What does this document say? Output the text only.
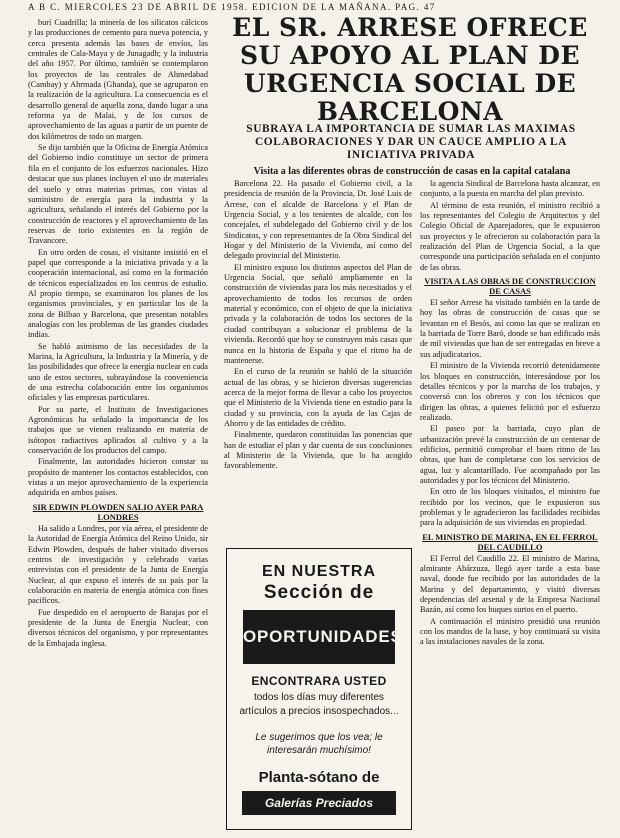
A B C. MIERCOLES 23 DE ABRIL DE 1958. EDICION DE LA MAÑANA. PAG. 47

burí Cuadrilla; la minería de los silicatos cálcicos y las producciones de cemento para nueva potencia, y cerca presenta además las bases de envíos, las centrales de Cala-Maya y de Junagadh; y la industria del año 1957. Por último, también se contemplaron los proyectos de las centrales de Ahmedabad (Cambay) y Ahrmada (Ghanda), que se agruparon en la realización de la agricultura. La consecuencia es el desarrollo general de aquella zona, dando lugar a una reforma ya de Malai, y de los cursos de aprovechamiento de las aguas a partir de un puente de dos kilómetros de todo un margen.

Se dijo también que la Oficina de Energía Atómica del Gobierno indio constituye un sector de primera fila en el conjunto de los esfuerzos nacionales. Hizo destacar que sus planes incluyen el uso de materiales del suelo y otras materias primas, con vistas al suministro de energía para la industria y la agricultura, señalando el interés del Gobierno por la construcción de reactores y el aprovechamiento de las reservas de torio existentes en la región de Travancore.

En otro orden de cosas, el visitante insistió en el papel que corresponde a la iniciativa privada y a la cooperación internacional, así como en la formación de técnicos especializados en los centros de estudio. Al propio tiempo, se examinaron los planes de los organismos provinciales, y en particular los de la zona de Bilbao y Barcelona, que presentan notables analogías con los problemas de las grandes ciudades indias.

Se habló asimismo de las necesidades de la Marina, la Agricultura, la Industria y la Minería, y de las posibilidades que ofrece la energía nuclear en cada uno de estos sectores, subrayándose la conveniencia de una estrecha colaboración entre los organismos oficiales y las empresas particulares.

Por su parte, el Instituto de Investigaciones Agronómicas ha señalado la importancia de los trabajos que se vienen realizando en materia de isótopos radiactivos aplicados al cultivo y a la conservación de los productos del campo.

Finalmente, las autoridades hicieron constar su propósito de mantener los contactos establecidos, con vistas a un mejor aprovechamiento de la experiencia adquirida en ambos países.

SIR EDWIN PLOWDEN SALIO AYER PARA LONDRES

Ha salido a Londres, por vía aérea, el presidente de la Autoridad de Energía Atómica del Reino Unido, sir Edwin Plowden, después de haber visitado diversos centros de investigación y celebrado varias entrevistas con el presidente de la Junta de Energía Nuclear, al que expuso el interés de su país por la colaboración en materia de energía atómica con fines pacíficos.

Fue despedido en el aeropuerto de Barajas por el presidente de la Junta de Energía Nuclear, con diversos técnicos del organismo, y por representantes de la Embajada inglesa.

EL SR. ARRESE OFRECE SU APOYO AL PLAN DE URGENCIA SOCIAL DE BARCELONA
SUBRAYA LA IMPORTANCIA DE SUMAR LAS MAXIMAS COLABORACIONES Y DAR UN CAUCE AMPLIO A LA INICIATIVA PRIVADA
Visita a las diferentes obras de construcción de casas en la capital catalana

Barcelona 22. Ha pasado el Gobierno civil, a la presidencia de reunión de la Provincia, Dr. José Luis de Arrese, con el alcalde de Barcelona y el Plan de Urgencia Social, y a los tenientes de alcalde, con los concejales, el subdelegado del Gobierno civil y de los Sindicatos, y con representantes de la Obra Sindical del Hogar y del Ministerio de la Vivienda, así como del delegado provincial del Ministerio.

El ministro expuso los distintos aspectos del Plan de Urgencia Social, que señaló ampliamente en la construcción de viviendas para los más necesitados y el aprovechamiento de todos los recursos de orden material y económico, con el objeto de que la iniciativa privada y la colaboración de todos los sectores de la ciudad contribuyan a solucionar el problema de la vivienda. Recordó que hoy se construyen más casas que nunca en la historia de España y que el ritmo ha de mantenerse.

En el curso de la reunión se habló de la situación actual de las obras, y se hicieron diversas sugerencias acerca de la mejor forma de llevar a cabo los proyectos que el Ministerio de la Vivienda tiene en estudio para la ciudad y su provincia, con la ayuda de las Cajas de Ahorro y de las entidades de crédito.

Finalmente, quedaron constituidas las ponencias que han de estudiar el plan y dar cuenta de sus conclusiones al Ministerio de la Vivienda, que lo ha acogido favorablemente.

EN NUESTRA
Sección de
OPORTUNIDADES
ENCONTRARA USTED
todos los días muy diferentes artículos a precios insospechados...
Le sugerimos que los vea; le interesarán muchísimo!
Planta-sótano de
Galerías Preciados

la agencia Sindical de Barcelona hasta alcanzar, en conjunto, a la puesta en marcha del plan previsto.

Al término de esta reunión, el ministro recibió a los representantes del Colegio de Arquitectos y del Colegio Oficial de Aparejadores, que le expusieron sus proyectos y le ofrecieron su colaboración para la realización del Plan de Urgencia Social, a la que corresponde una participación señalada en el conjunto de las obras.

VISITA A LAS OBRAS DE CONSTRUCCION DE CASAS

El señor Arrese ha visitado también en la tarde de hoy las obras de construcción de casas que se levantan en el Besós, así como las que se realizan en la barriada de Torre Baró, donde se han edificado más de mil viviendas que han de ser entregadas en breve a sus adjudicatarios.

El ministro de la Vivienda recorrió detenidamente los bloques en construcción, interesándose por los detalles técnicos y por la marcha de los trabajos, y conversó con los obreros y con los técnicos que dirigen las obras, a quienes felicitó por el esfuerzo realizado.

El paseo por la barriada, cuyo plan de urbanización prevé la construcción de un centenar de edificios, permitió comprobar el buen ritmo de las obras, que han de completarse con los servicios de agua, luz y alcantarillado. Fue acompañado por las autoridades y por los técnicos del Ministerio.

En otro de los bloques visitados, el ministro fue recibido por los vecinos, que le expusieron sus problemas y le agradecieron las facilidades recibidas para la adquisición de sus viviendas en propiedad.

EL MINISTRO DE MARINA, EN EL FERROL DEL CAUDILLO

El Ferrol del Caudillo 22. El ministro de Marina, almirante Abárzuza, llegó ayer tarde a esta base naval, donde fue recibido por las autoridades de la Marina y del departamento, y visitó diversas dependencias del arsenal y de la Empresa Nacional Bazán, así como los buques surtos en el puerto.

A continuación el ministro presidió una reunión con los mandos de la base, y hoy continuará su visita a las instalaciones navales de la zona.
